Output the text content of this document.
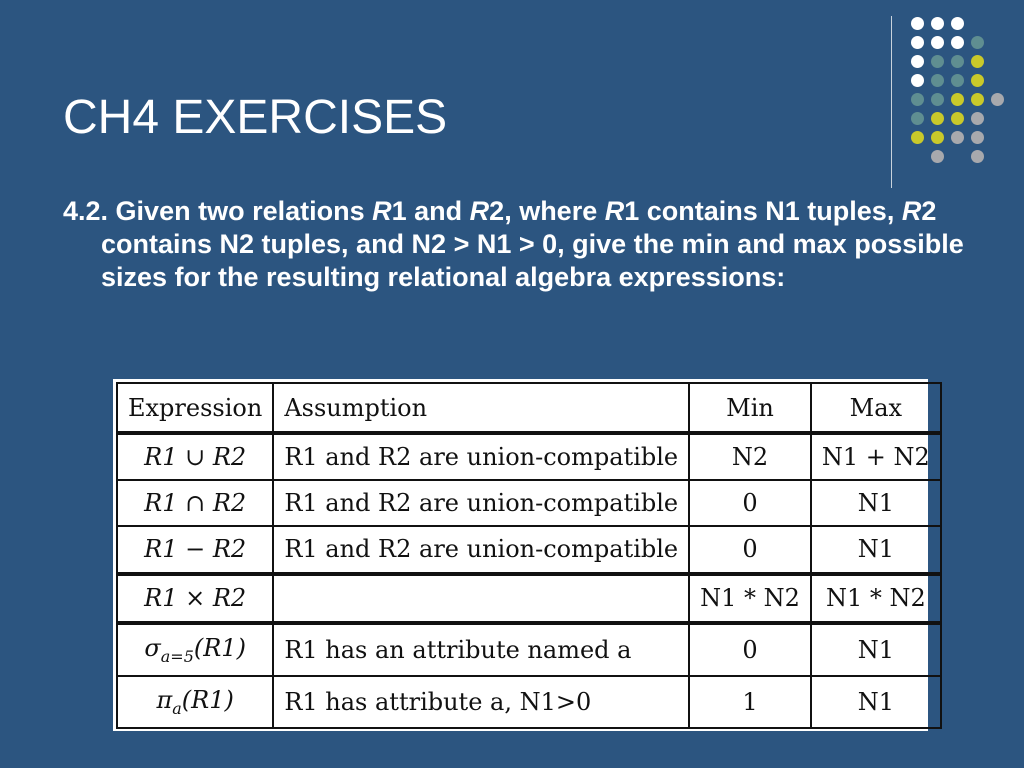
CH4 EXERCISES

4.2. Given two relations R1 and R2, where R1 contains N1 tuples, R2 contains N2 tuples, and N2 > N1 > 0, give the min and max possible sizes for the resulting relational algebra expressions:

Expression	Assumption	Min	Max
R1 ∪ R2	R1 and R2 are union-compatible	N2	N1 + N2
R1 ∩ R2	R1 and R2 are union-compatible	0	N1
R1 − R2	R1 and R2 are union-compatible	0	N1
R1 × R2		N1 * N2	N1 * N2
$\sigma_{a=5}(R1)$	R1 has an attribute named a	0	N1
$\pi_a(R1)$	R1 has attribute a, N1>0	1	N1
